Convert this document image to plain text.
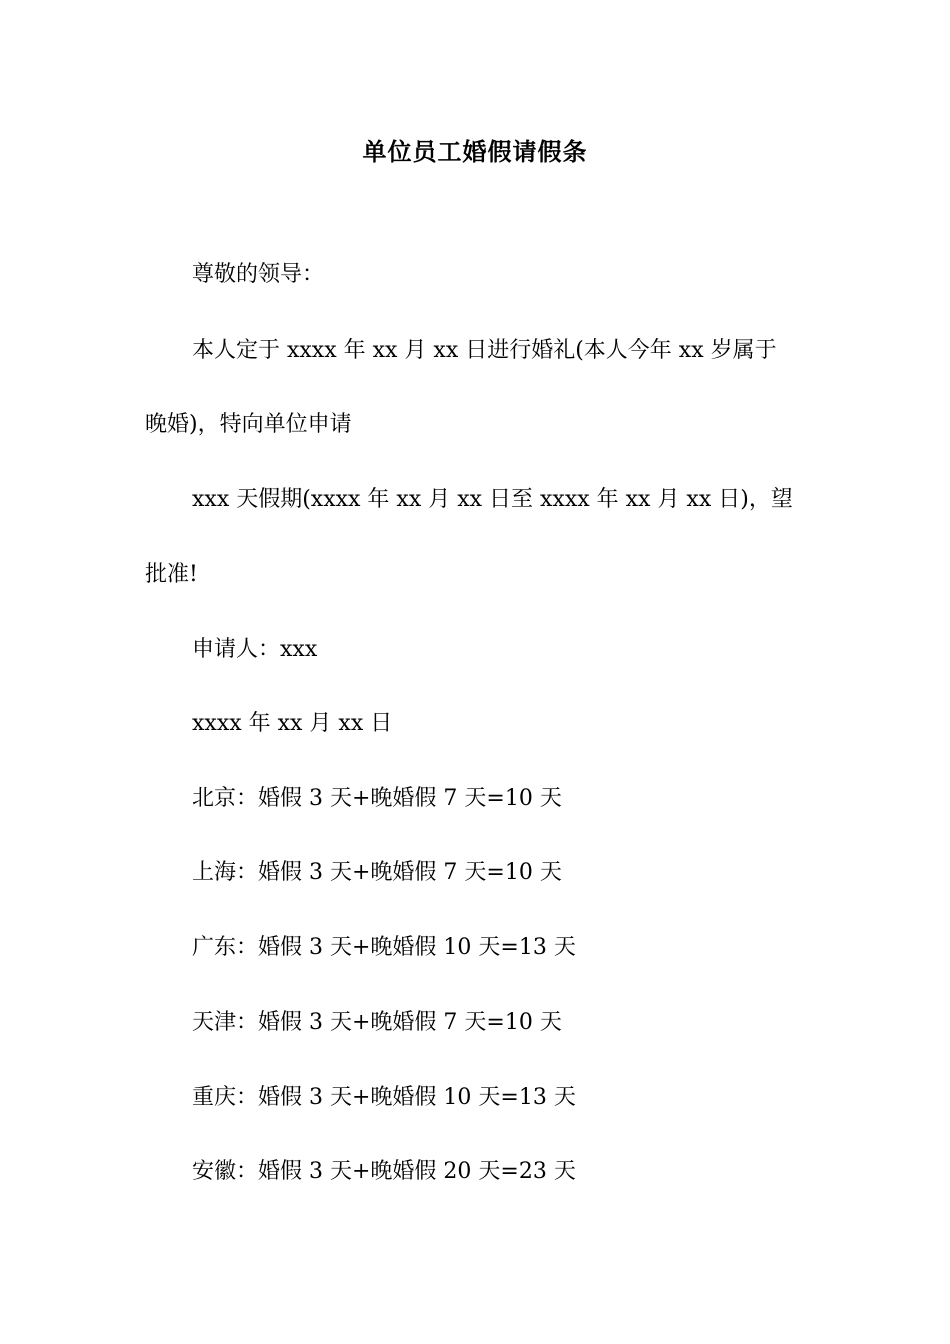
单位员工婚假请假条
尊敬的领导：
本人定于 xxxx 年 xx 月 xx 日进行婚礼(本人今年 xx 岁属于
晚婚)，特向单位申请
xxx 天假期(xxxx 年 xx 月 xx 日至 xxxx 年 xx 月 xx 日)，望
批准!
申请人：xxx
xxxx 年 xx 月 xx 日
北京：婚假 3 天+晚婚假 7 天=10 天
上海：婚假 3 天+晚婚假 7 天=10 天
广东：婚假 3 天+晚婚假 10 天=13 天
天津：婚假 3 天+晚婚假 7 天=10 天
重庆：婚假 3 天+晚婚假 10 天=13 天
安徽：婚假 3 天+晚婚假 20 天=23 天
